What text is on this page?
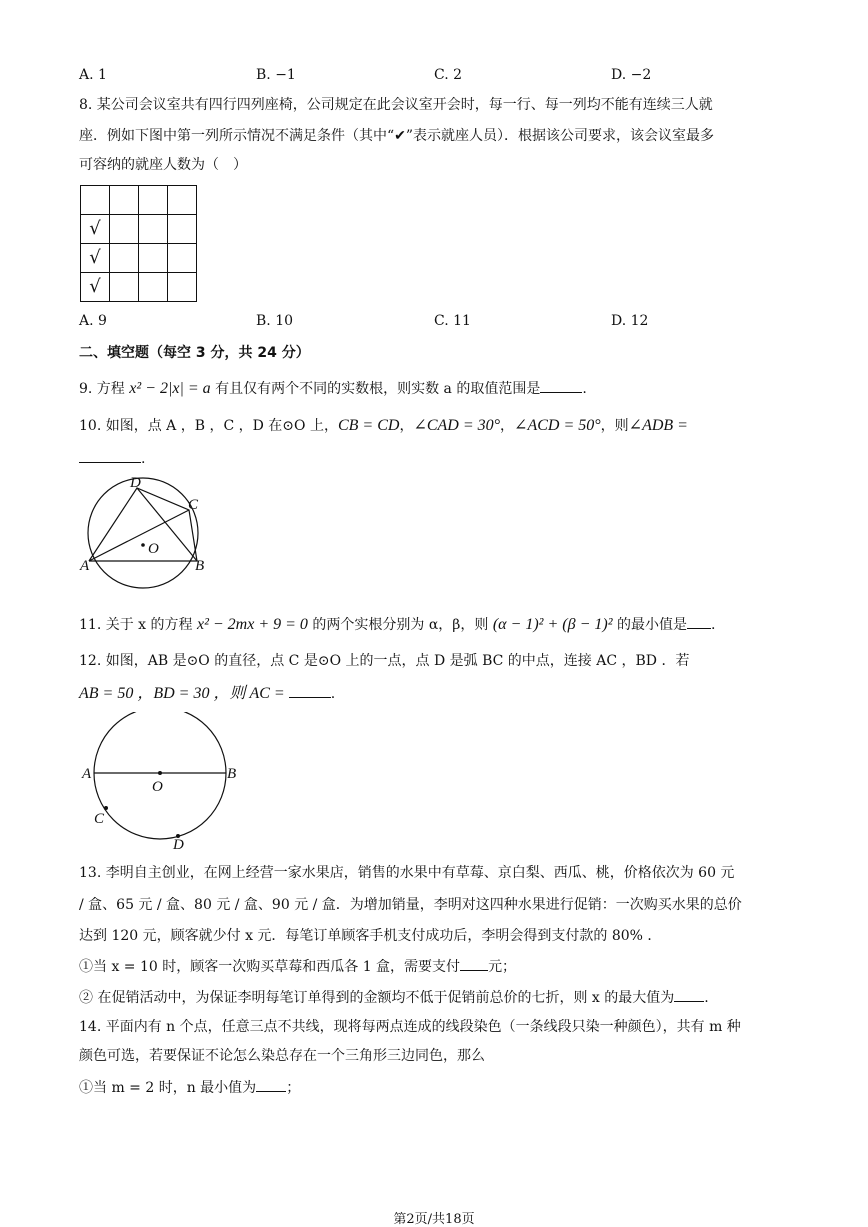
A. 1	B. −1	C. 2	D. −2
8. 某公司会议室共有四行四列座椅，公司规定在此会议室开会时，每一行、每一列均不能有连续三人就
座．例如下图中第一列所示情况不满足条件（其中“✔”表示就座人员）．根据该公司要求，该会议室最多
可容纳的就座人数为（　）

√			
√			
√			
A. 9	B. 10	C. 11	D. 12
二、填空题（每空 3 分，共 24 分）
9. 方程 x² − 2|x| = a 有且仅有两个不同的实数根，则实数 a 的取值范围是	.
10. 如图，点 A ，B ，C ，D 在⊙O 上，CB = CD，∠CAD = 30°，∠ACD = 50°，则∠ADB =
.
A	B
C
D
O
11. 关于 x 的方程 x² − 2mx + 9 = 0 的两个实根分别为 α，β，则 (α − 1)² + (β − 1)² 的最小值是 .
12. 如图，AB 是⊙O 的直径，点 C 是⊙O 上的一点，点 D 是弧 BC 的中点，连接 AC ，BD ．若
AB = 50 ，BD = 30 ，则 AC =	.
A	B
C
D
O
13. 李明自主创业，在网上经营一家水果店，销售的水果中有草莓、京白梨、西瓜、桃，价格依次为 60 元
/ 盒、65 元 / 盒、80 元 / 盒、90 元 / 盒．为增加销量，李明对这四种水果进行促销：一次购买水果的总价
达到 120 元，顾客就少付 x 元．每笔订单顾客手机支付成功后，李明会得到支付款的 80% ．
①当 x = 10 时，顾客一次购买草莓和西瓜各 1 盒，需要支付 元；
② 在促销活动中，为保证李明每笔订单得到的金额均不低于促销前总价的七折，则 x 的最大值为 .
14. 平面内有 n 个点，任意三点不共线，现将每两点连成的线段染色（一条线段只染一种颜色），共有 m 种
颜色可选，若要保证不论怎么染总存在一个三角形三边同色，那么
①当 m = 2 时，n 最小值为 ；
第2页/共18页
